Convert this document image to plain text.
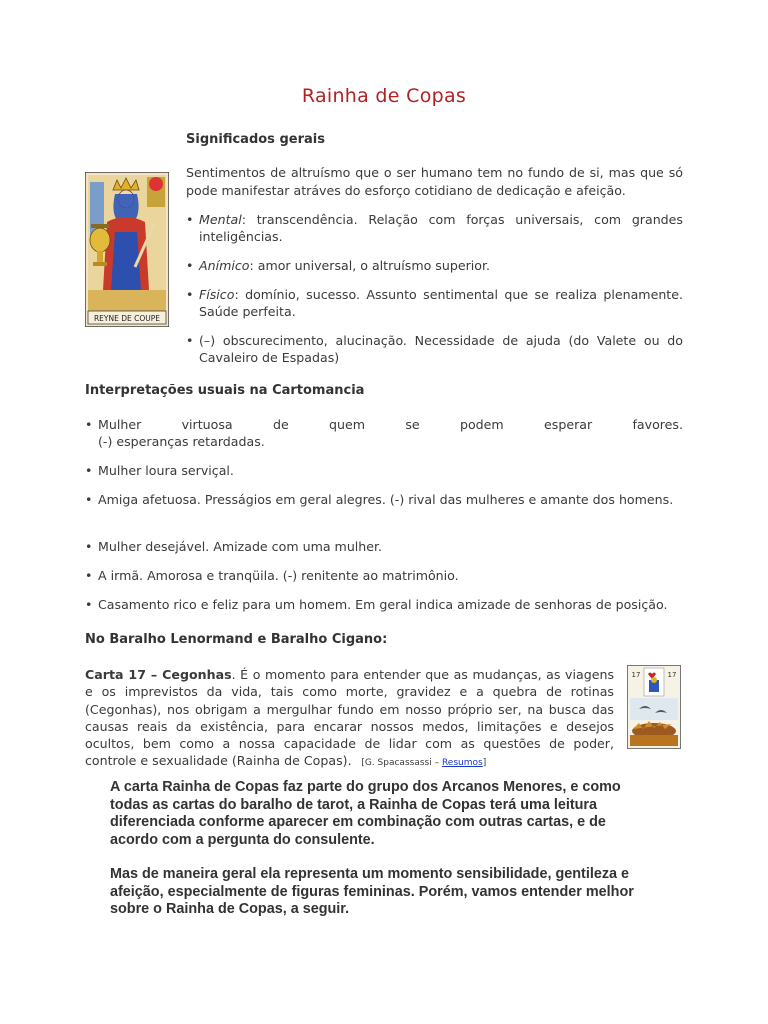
Rainha de Copas
REYNE DE COUPE
Significados gerais
Sentimentos de altruísmo que o ser humano tem no fundo de si, mas que só pode manifestar atráves do esforço cotidiano de dedicação e afeição.
• Mental: transcendência. Relação com forças universais, com grandes inteligências.
• Anímico: amor universal, o altruísmo superior.
• Físico: domínio, sucesso. Assunto sentimental que se realiza plenamente. Saúde perfeita.
• (–) obscurecimento, alucinação. Necessidade de ajuda (do Valete ou do Cavaleiro de Espadas)
Interpretações usuais na Cartomancia
• Mulher virtuosa de quem se podem esperar favores.
(-) esperanças retardadas.
• Mulher loura serviçal.
• Amiga afetuosa. Presságios em geral alegres. (-) rival das mulheres e amante dos homens.
• Mulher desejável. Amizade com uma mulher.
• A irmã. Amorosa e tranqüila. (-) renitente ao matrimônio.
• Casamento rico e feliz para um homem. Em geral indica amizade de senhoras de posição.
No Baralho Lenormand e Baralho Cigano:
Carta 17 – Cegonhas. É o momento para entender que as mudanças, as viagens e os imprevistos da vida, tais como morte, gravidez e a quebra de rotinas (Cegonhas), nos obrigam a mergulhar fundo em nosso próprio ser, na busca das causas reais da existência, para encarar nossos medos, limitações e desejos ocultos, bem como a nossa capacidade de lidar com as questões de poder, controle e sexualidade (Rainha de Copas). [G. Spacassassi – Resumos]
17	17
A carta Rainha de Copas faz parte do grupo dos Arcanos Menores, e como todas as cartas do baralho de tarot, a Rainha de Copas terá uma leitura diferenciada conforme aparecer em combinação com outras cartas, e de acordo com a pergunta do consulente.
Mas de maneira geral ela representa um momento sensibilidade, gentileza e afeição, especialmente de figuras femininas. Porém, vamos entender melhor sobre o Rainha de Copas, a seguir.
